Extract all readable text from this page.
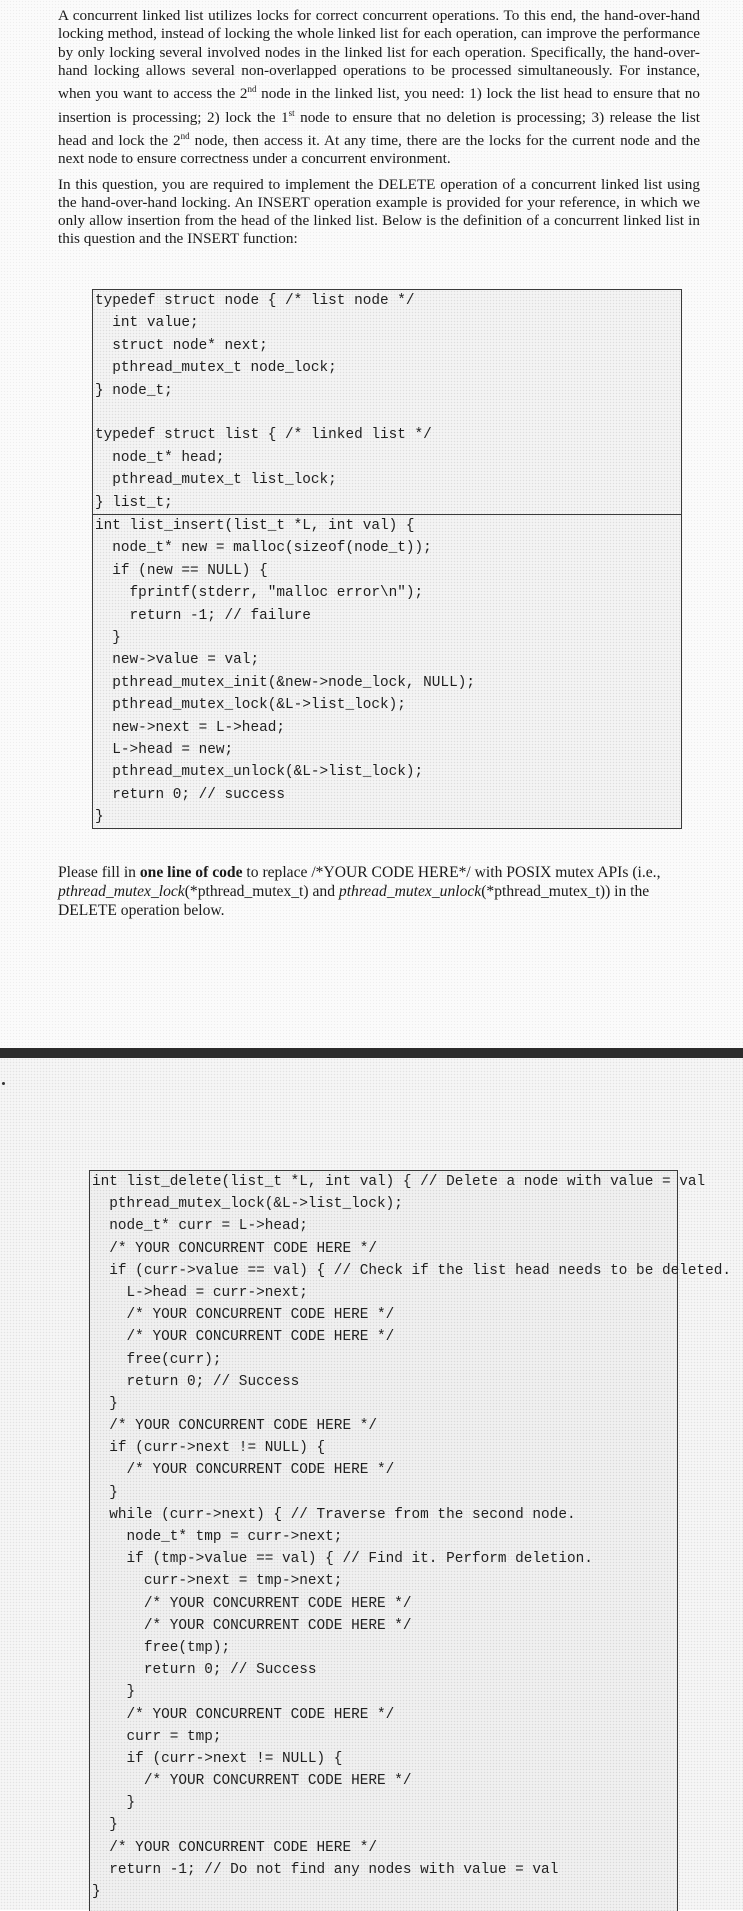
A concurrent linked list utilizes locks for correct concurrent operations. To this end, the hand-over-hand locking method, instead of locking the whole linked list for each operation, can improve the performance by only locking several involved nodes in the linked list for each operation. Specifically, the hand-over-hand locking allows several non-overlapped operations to be processed simultaneously. For instance, when you want to access the 2nd node in the linked list, you need: 1) lock the list head to ensure that no insertion is processing; 2) lock the 1st node to ensure that no deletion is processing; 3) release the list head and lock the 2nd node, then access it. At any time, there are the locks for the current node and the next node to ensure correctness under a concurrent environment.

In this question, you are required to implement the DELETE operation of a concurrent linked list using the hand-over-hand locking. An INSERT operation example is provided for your reference, in which we only allow insertion from the head of the linked list. Below is the definition of a concurrent linked list in this question and the INSERT function:

typedef struct node { /* list node */
int value;
struct node* next;
pthread_mutex_t node_lock;
} node_t;
typedef struct list { /* linked list */
node_t* head;
pthread_mutex_t list_lock;
} list_t;
int list_insert(list_t *L, int val) {
node_t* new = malloc(sizeof(node_t));
if (new == NULL) {
fprintf(stderr, "malloc error\n");
return -1; // failure
}
new->value = val;
pthread_mutex_init(&new->node_lock, NULL);
pthread_mutex_lock(&L->list_lock);
new->next = L->head;
L->head = new;
pthread_mutex_unlock(&L->list_lock);
return 0; // success
}

Please fill in one line of code to replace /*YOUR CODE HERE*/ with POSIX mutex APIs (i.e., pthread_mutex_lock(*pthread_mutex_t) and pthread_mutex_unlock(*pthread_mutex_t)) in the DELETE operation below.

int list_delete(list_t *L, int val) { // Delete a node with value = val
pthread_mutex_lock(&L->list_lock);
node_t* curr = L->head;
/* YOUR CONCURRENT CODE HERE */
if (curr->value == val) { // Check if the list head needs to be deleted.
L->head = curr->next;
/* YOUR CONCURRENT CODE HERE */
/* YOUR CONCURRENT CODE HERE */
free(curr);
return 0; // Success
}
/* YOUR CONCURRENT CODE HERE */
if (curr->next != NULL) {
/* YOUR CONCURRENT CODE HERE */
}
while (curr->next) { // Traverse from the second node.
node_t* tmp = curr->next;
if (tmp->value == val) { // Find it. Perform deletion.
curr->next = tmp->next;
/* YOUR CONCURRENT CODE HERE */
/* YOUR CONCURRENT CODE HERE */
free(tmp);
return 0; // Success
}
/* YOUR CONCURRENT CODE HERE */
curr = tmp;
if (curr->next != NULL) {
/* YOUR CONCURRENT CODE HERE */
}
}
/* YOUR CONCURRENT CODE HERE */
return -1; // Do not find any nodes with value = val
}
